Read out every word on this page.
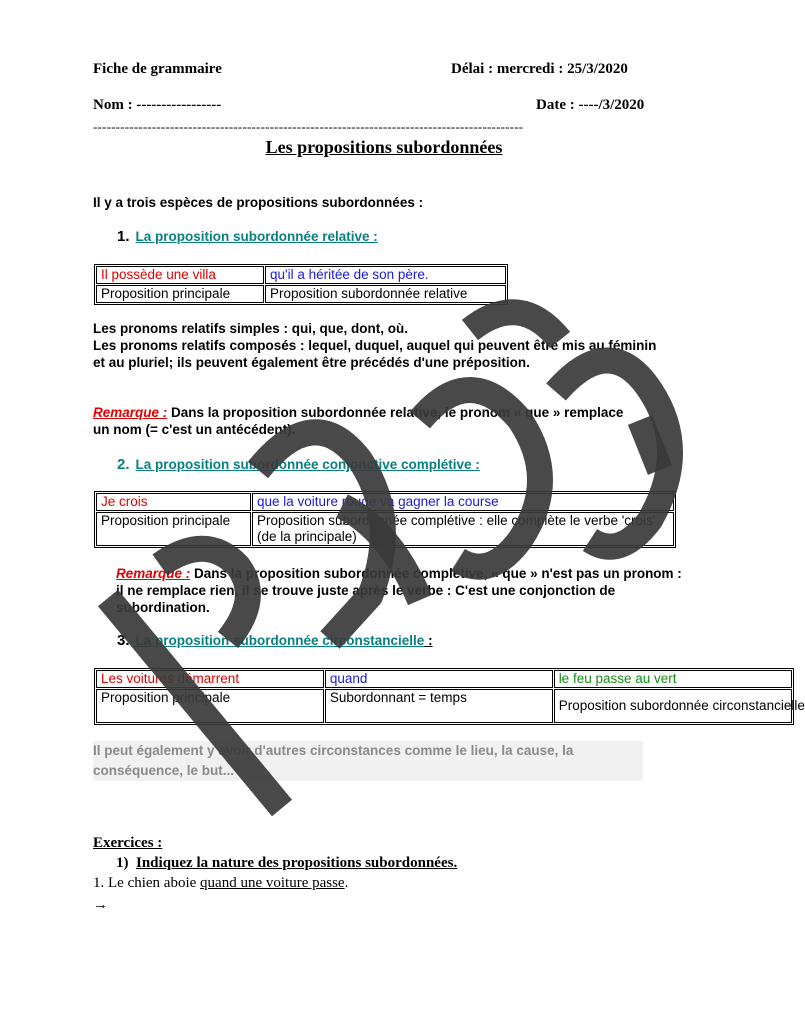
Fiche de grammaire	Délai : mercredi : 25/3/2020
Nom : -----------------	Date : ----/3/2020
-----------------------------------------------------------------------------------------------
Les propositions subordonnées
Il y a trois espèces de propositions subordonnées :
1. La proposition subordonnée relative :
Il possède une villa	qu'il a héritée de son père.
Proposition principale	Proposition subordonnée relative
Les pronoms relatifs simples : qui, que, dont, où.
Les pronoms relatifs composés : lequel, duquel, auquel qui peuvent être mis au féminin et au pluriel; ils peuvent également être précédés d'une préposition.
Remarque : Dans la proposition subordonnée relative, le pronom « que » remplace un nom (= c'est un antécédent).
2. La proposition subordonnée conjonctive complétive :
Je crois	que la voiture rouge va gagner la course
Proposition principale	Proposition subordonnée complétive : elle complète le verbe 'crois' (de la principale)
Remarque : Dans la proposition subordonnée complétive, « que » n'est pas un pronom : il ne remplace rien, il se trouve juste après le verbe : C'est une conjonction de subordination.
3. La proposition subordonnée circonstancielle :
Les voitures démarrent	quand	le feu passe au vert
Proposition principale	Subordonnant = temps	Proposition subordonnée circonstancielle
Il peut également y avoir d'autres circonstances comme le lieu, la cause, la conséquence, le but...
Exercices :
1) Indiquez la nature des propositions subordonnées.
1. Le chien aboie quand une voiture passe.
→
